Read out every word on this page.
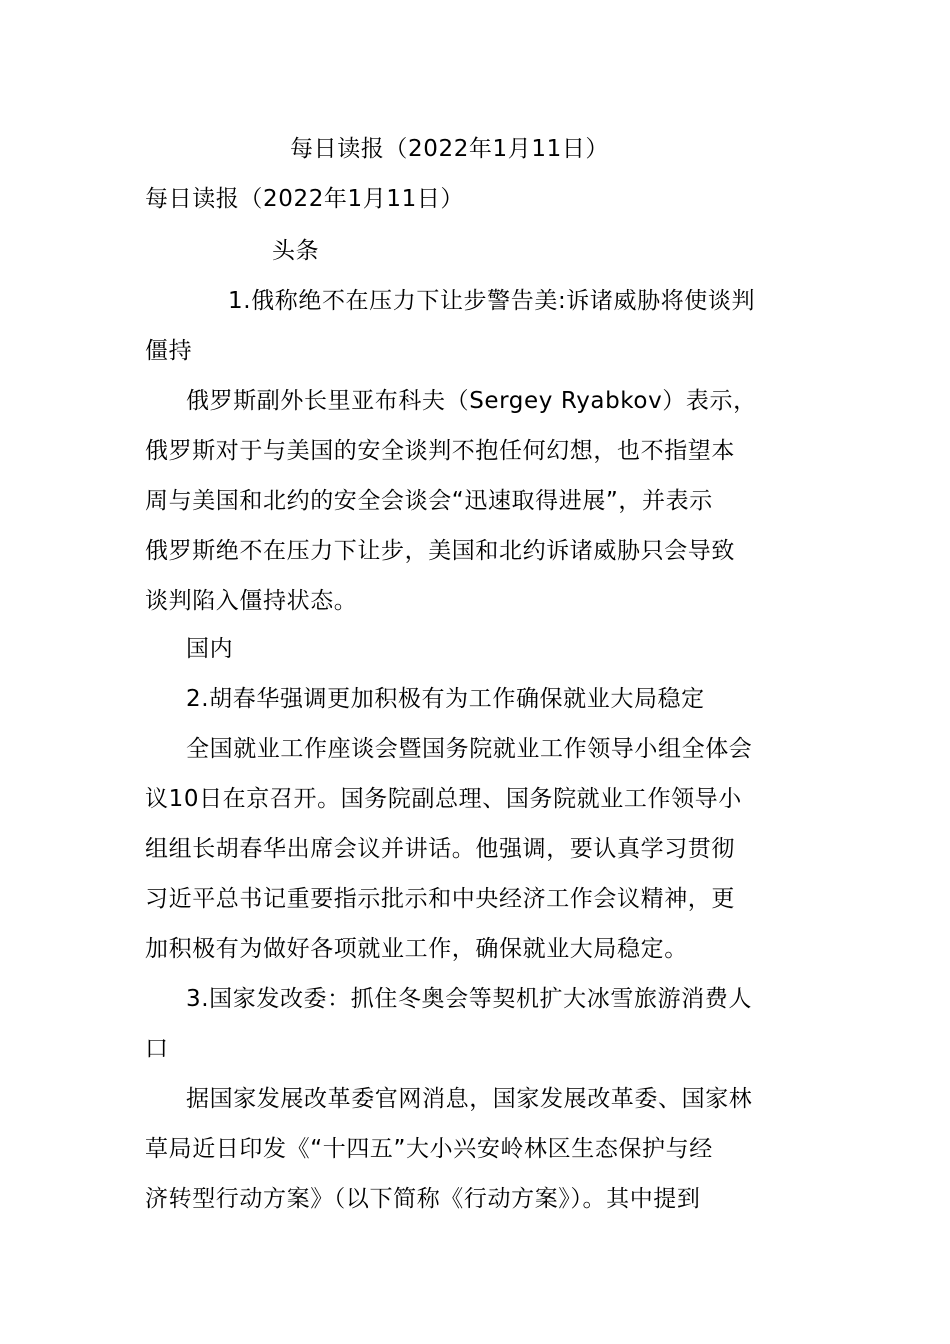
每日读报（2022年1月11日）
每日读报（2022年1月11日）
头条
1.俄称绝不在压力下让步警告美:诉诸威胁将使谈判
僵持
俄罗斯副外长里亚布科夫（Sergey Ryabkov）表示，
俄罗斯对于与美国的安全谈判不抱任何幻想，也不指望本
周与美国和北约的安全会谈会“迅速取得进展”，并表示
俄罗斯绝不在压力下让步，美国和北约诉诸威胁只会导致
谈判陷入僵持状态。
国内
2.胡春华强调更加积极有为工作确保就业大局稳定
全国就业工作座谈会暨国务院就业工作领导小组全体会
议10日在京召开。国务院副总理、国务院就业工作领导小
组组长胡春华出席会议并讲话。他强调，要认真学习贯彻
习近平总书记重要指示批示和中央经济工作会议精神，更
加积极有为做好各项就业工作，确保就业大局稳定。
3.国家发改委：抓住冬奥会等契机扩大冰雪旅游消费人
口
据国家发展改革委官网消息，国家发展改革委、国家林
草局近日印发《“十四五”大小兴安岭林区生态保护与经
济转型行动方案》（以下简称《行动方案》）。其中提到
